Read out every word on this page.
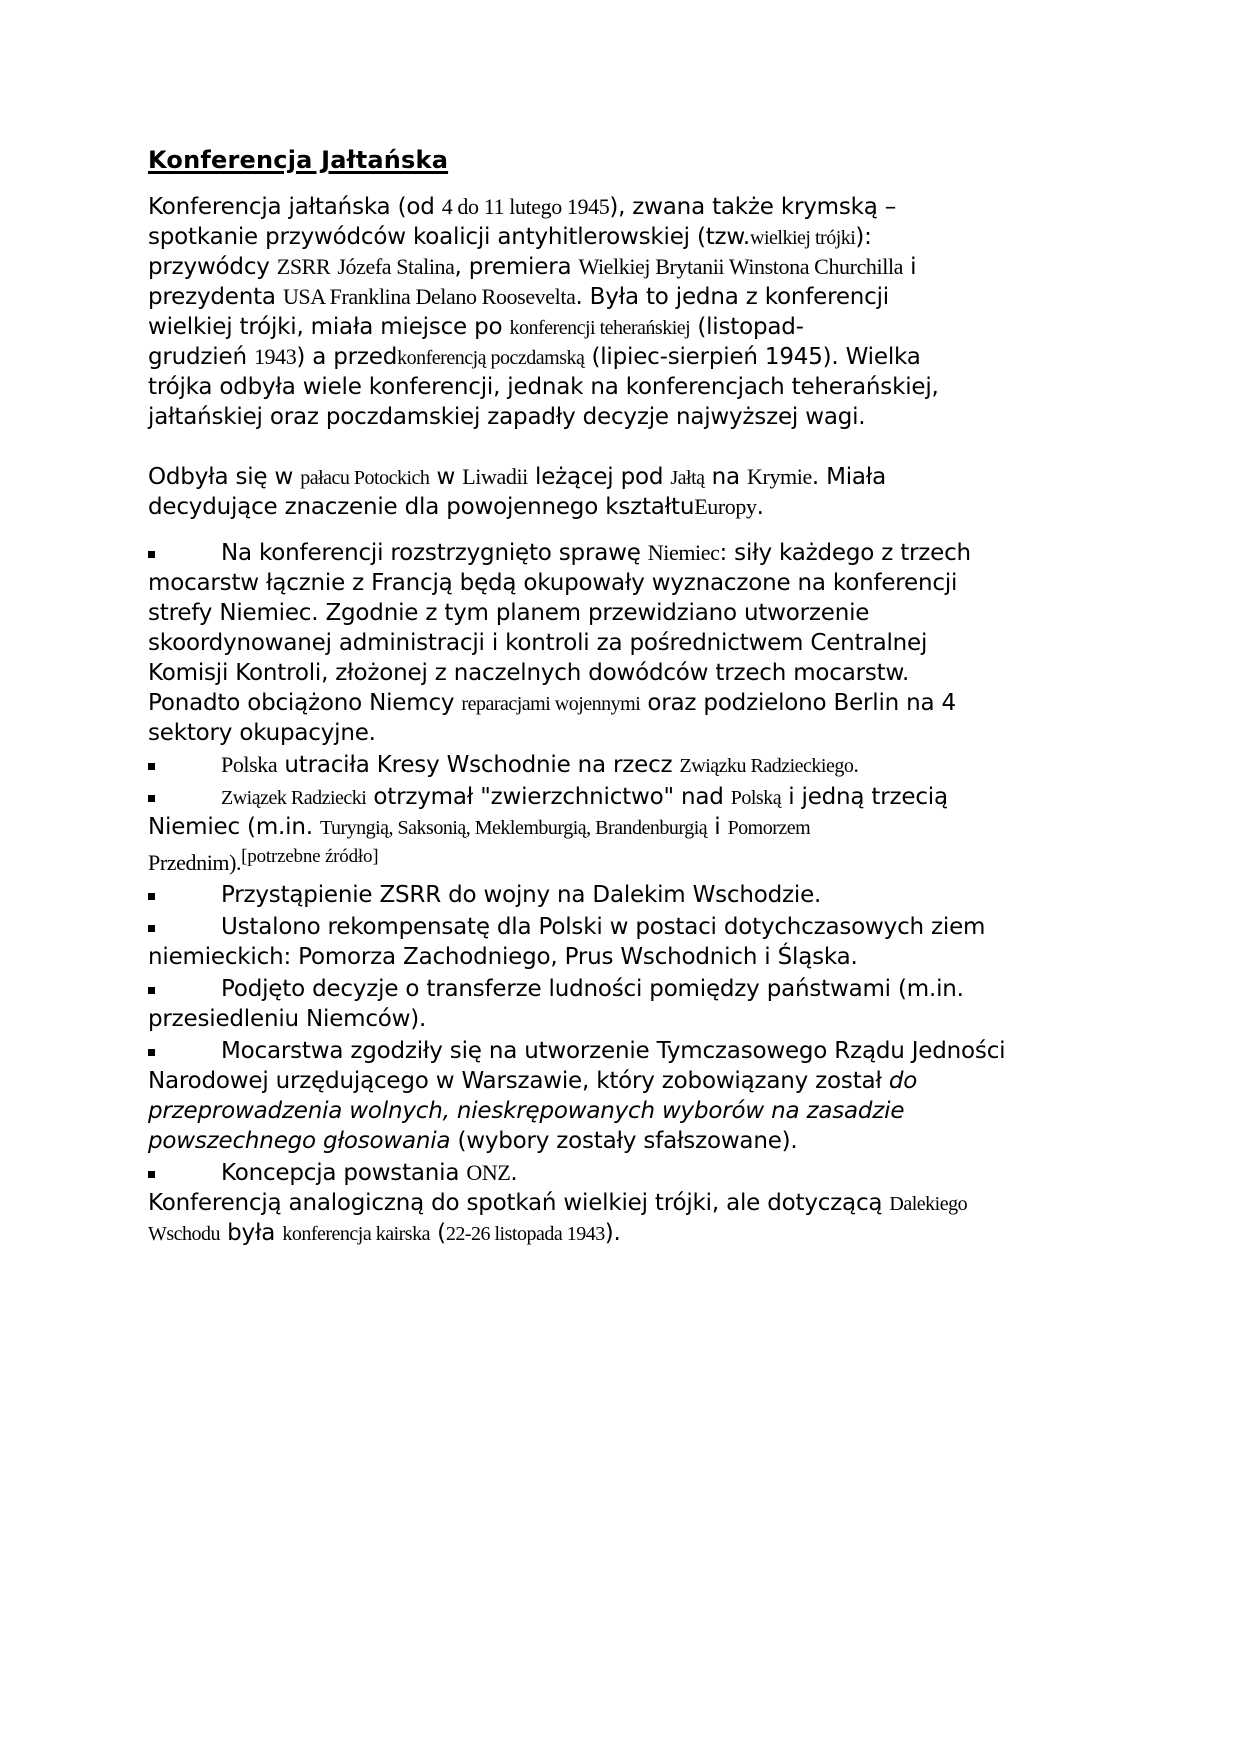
Konferencja Jałtańska
Konferencja jałtańska (od 4 do 11 lutego 1945), zwana także krymską –
spotkanie przywódców koalicji antyhitlerowskiej (tzw.wielkiej trójki):
przywódcy ZSRR Józefa Stalina, premiera Wielkiej Brytanii Winstona Churchilla i
prezydenta USA Franklina Delano Roosevelta. Była to jedna z konferencji
wielkiej trójki, miała miejsce po konferencji teherańskiej (listopad-
grudzień 1943) a przedkonferencją poczdamską (lipiec-sierpień 1945). Wielka
trójka odbyła wiele konferencji, jednak na konferencjach teherańskiej,
jałtańskiej oraz poczdamskiej zapadły decyzje najwyższej wagi.
Odbyła się w pałacu Potockich w Liwadii leżącej pod Jałtą na Krymie. Miała
decydujące znaczenie dla powojennego kształtuEuropy.
Na konferencji rozstrzygnięto sprawę Niemiec: siły każdego z trzech
mocarstw łącznie z Francją będą okupowały wyznaczone na konferencji
strefy Niemiec. Zgodnie z tym planem przewidziano utworzenie
skoordynowanej administracji i kontroli za pośrednictwem Centralnej
Komisji Kontroli, złożonej z naczelnych dowódców trzech mocarstw.
Ponadto obciążono Niemcy reparacjami wojennymi oraz podzielono Berlin na 4
sektory okupacyjne.
Polska utraciła Kresy Wschodnie na rzecz Związku Radzieckiego.
Związek Radziecki otrzymał "zwierzchnictwo" nad Polską i jedną trzecią
Niemiec (m.in. Turyngią, Saksonią, Meklemburgią, Brandenburgią i Pomorzem
Przednim).[potrzebne źródło]
Przystąpienie ZSRR do wojny na Dalekim Wschodzie.
Ustalono rekompensatę dla Polski w postaci dotychczasowych ziem
niemieckich: Pomorza Zachodniego, Prus Wschodnich i Śląska.
Podjęto decyzje o transferze ludności pomiędzy państwami (m.in.
przesiedleniu Niemców).
Mocarstwa zgodziły się na utworzenie Tymczasowego Rządu Jedności
Narodowej urzędującego w Warszawie, który zobowiązany został do
przeprowadzenia wolnych, nieskrępowanych wyborów na zasadzie
powszechnego głosowania (wybory zostały sfałszowane).
Koncepcja powstania ONZ.
Konferencją analogiczną do spotkań wielkiej trójki, ale dotyczącą Dalekiego
Wschodu była konferencja kairska (22-26 listopada 1943).
